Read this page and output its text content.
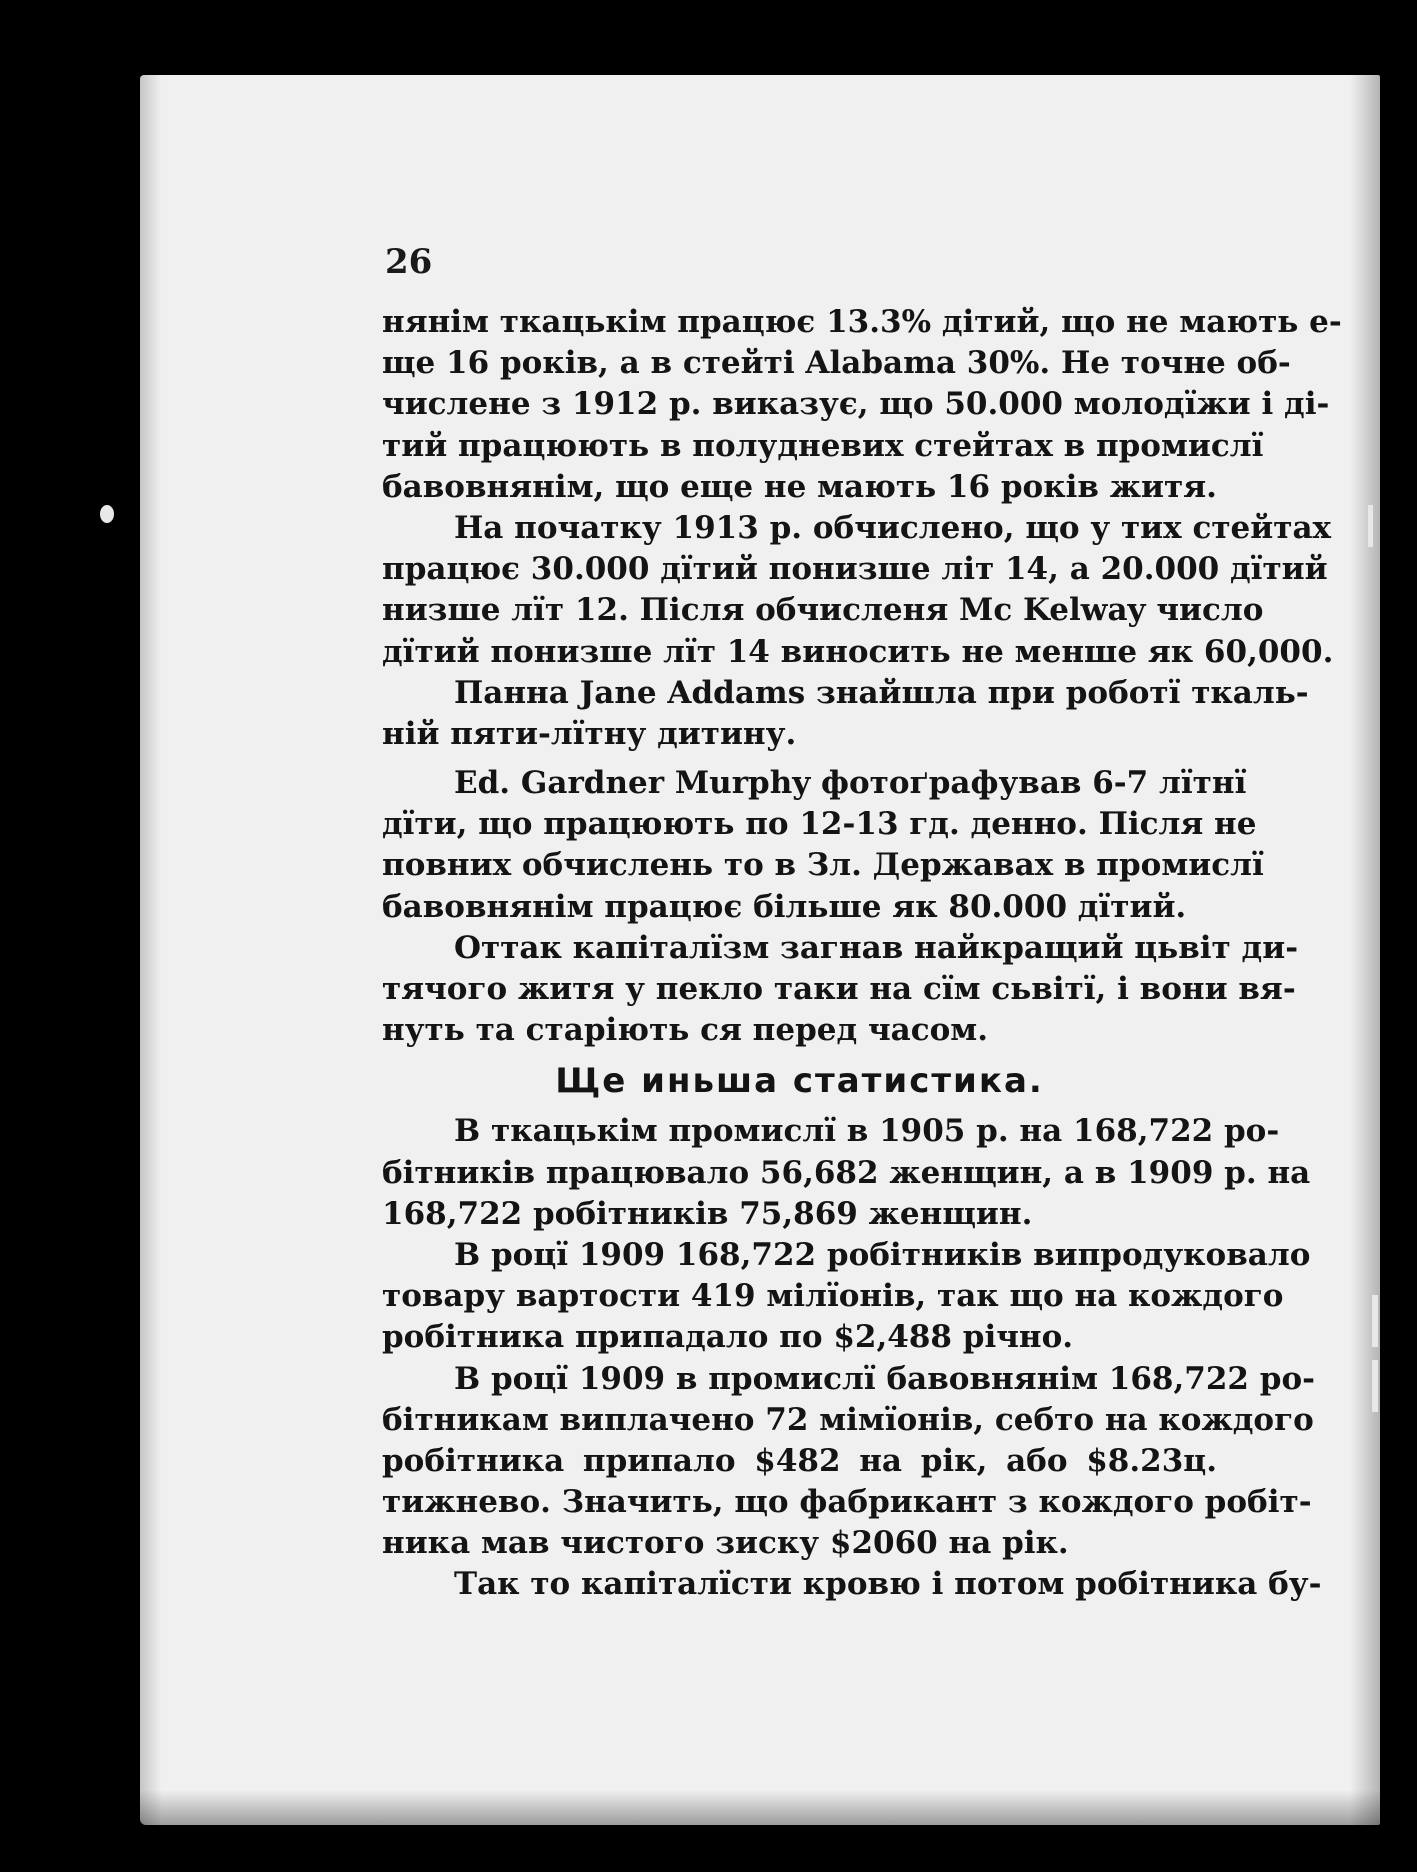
26
нянім ткацькім працює 13.3% дітий, що не мають е-
ще 16 років, а в стейті Alabama 30%. Не точне об-
числене з 1912 р. виказує, що 50.000 молодїжи і ді-
тий працюють в полудневих стейтах в промислї
бавовнянім, що еще не мають 16 років житя.
На початку 1913 р. обчислено, що у тих стейтах
працює 30.000 дїтий понизше літ 14, а 20.000 дїтий
низше лїт 12. Після обчисленя Mc Kelway число
дїтий понизше лїт 14 виносить не менше як 60,000.
Панна Jane Addams знайшла при роботї ткаль-
ній пяти-лїтну дитину.
Ed. Gardner Murphy фотоґрафував 6-7 лїтнї
дїти, що працюють по 12-13 гд. денно. Після не
повних обчислень то в Зл. Державах в промислї
бавовнянім працює більше як 80.000 дїтий.
Оттак капіталїзм загнав найкращий цьвіт ди-
тячого житя у пекло таки на сїм сьвітї, і вони вя-
нуть та старіють ся перед часом.
Ще иньша статистика.
В ткацькім промислї в 1905 р. на 168,722 ро-
бітників працювало 56,682 женщин, а в 1909 р. на
168,722 робітників 75,869 женщин.
В роцї 1909 168,722 робітників випродуковало
товару вартости 419 мілїонів, так що на кождого
робітника припадало по $2,488 річно.
В роцї 1909 в промислї бавовнянім 168,722 ро-
бітникам виплачено 72 мімїонів, себто на кождого
робітника припало $482 на рік, або $8.23ц.
тижнево. Значить, що фабрикант з кождого робіт-
ника мав чистого зиску $2060 на рік.
Так то капіталїсти кровю і потом робітника бу-
